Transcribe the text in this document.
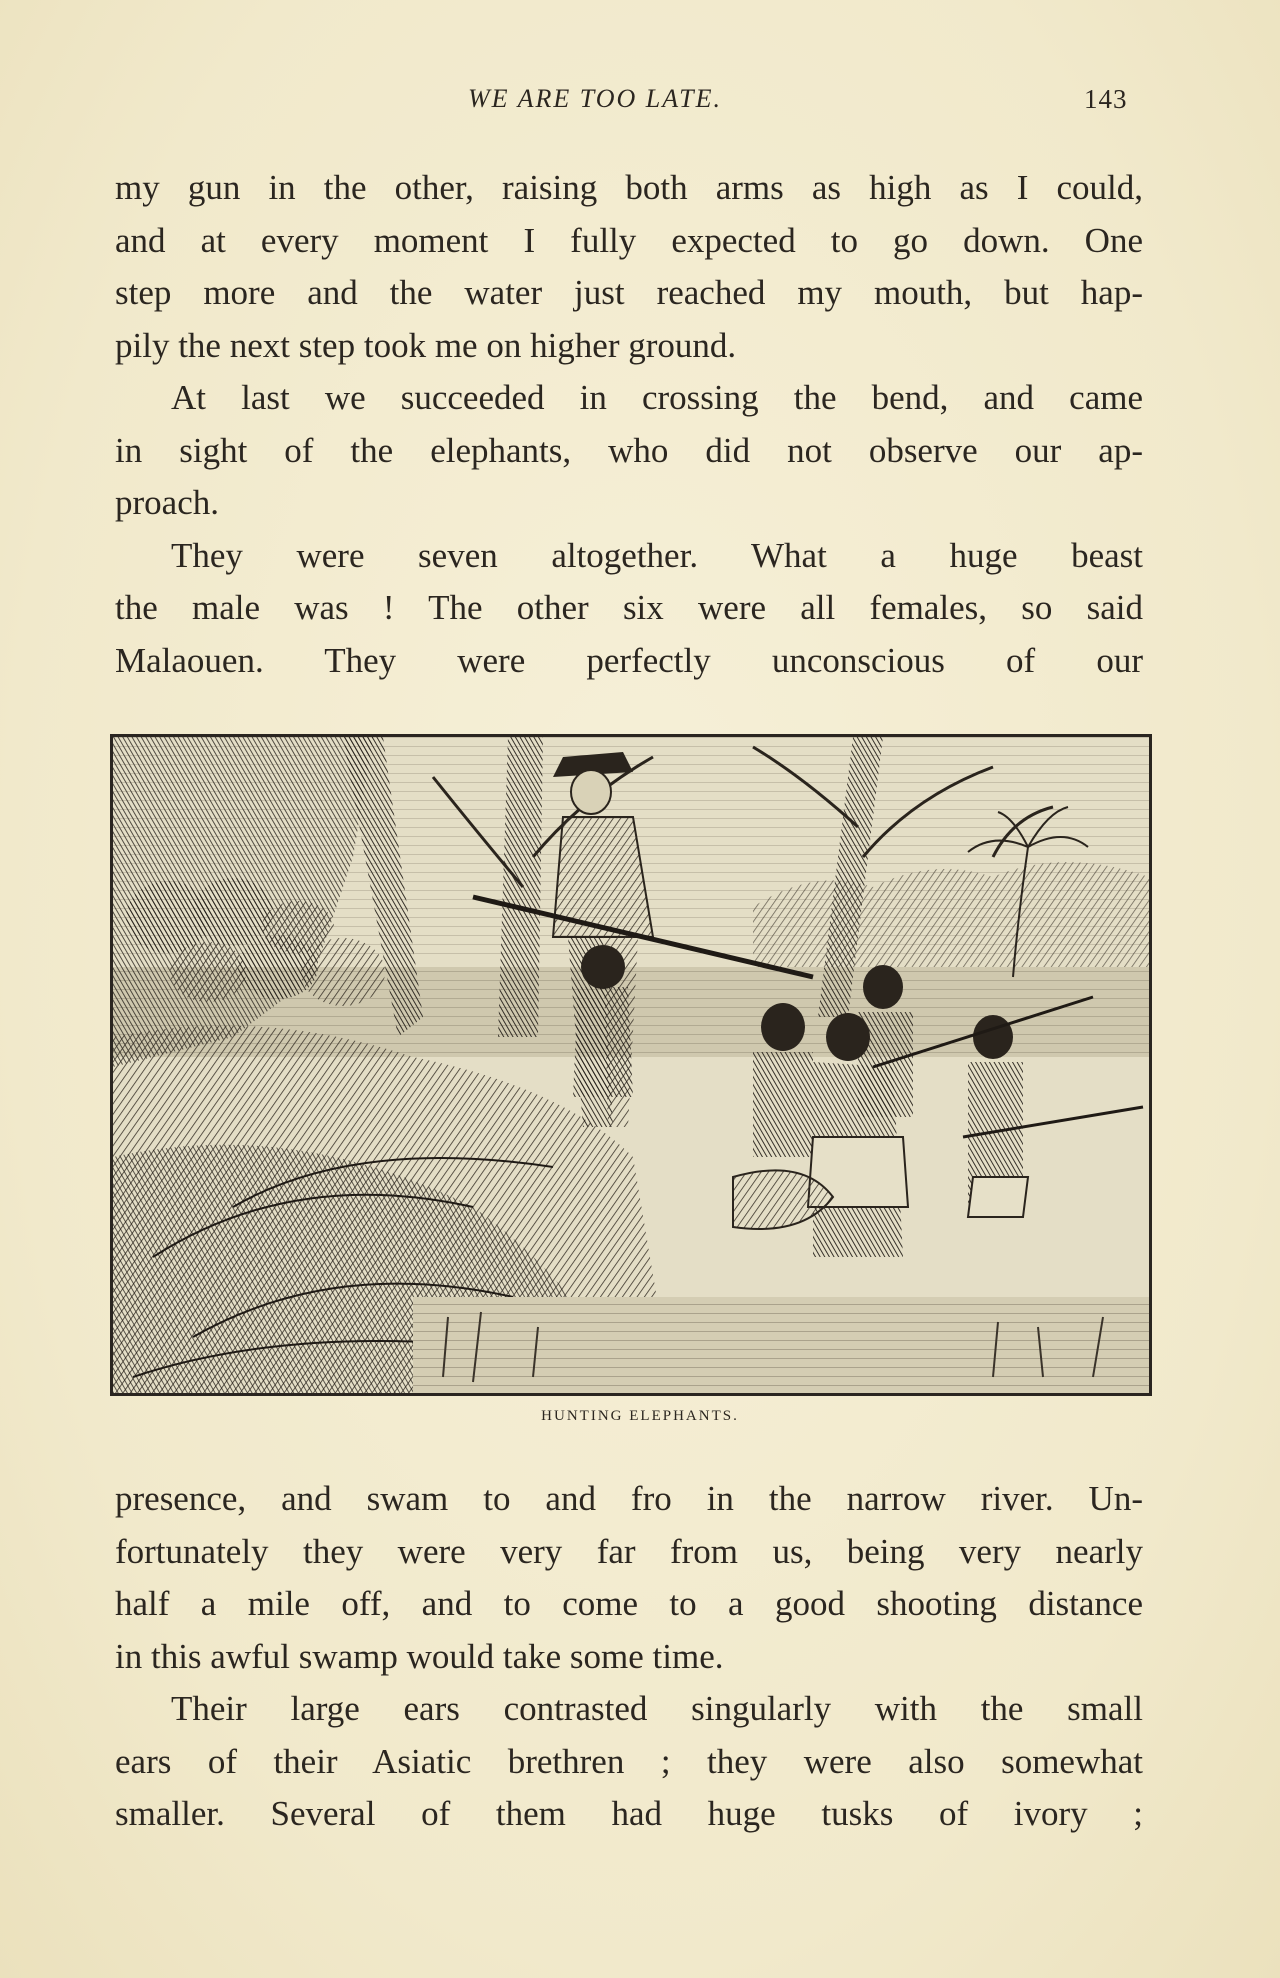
WE ARE TOO LATE.	143

my gun in the other, raising both arms as high as I could,
and at every moment I fully expected to go down. One
step more and the water just reached my mouth, but hap-
pily the next step took me on higher ground.

At last we succeeded in crossing the bend, and came
in sight of the elephants, who did not observe our ap-
proach.

They were seven altogether. What a huge beast
the male was ! The other six were all females, so said
Malaouen. They were perfectly unconscious of our

HUNTING ELEPHANTS.

presence, and swam to and fro in the narrow river. Un-
fortunately they were very far from us, being very nearly
half a mile off, and to come to a good shooting distance
in this awful swamp would take some time.

Their large ears contrasted singularly with the small
ears of their Asiatic brethren ; they were also somewhat
smaller. Several of them had huge tusks of ivory ;
